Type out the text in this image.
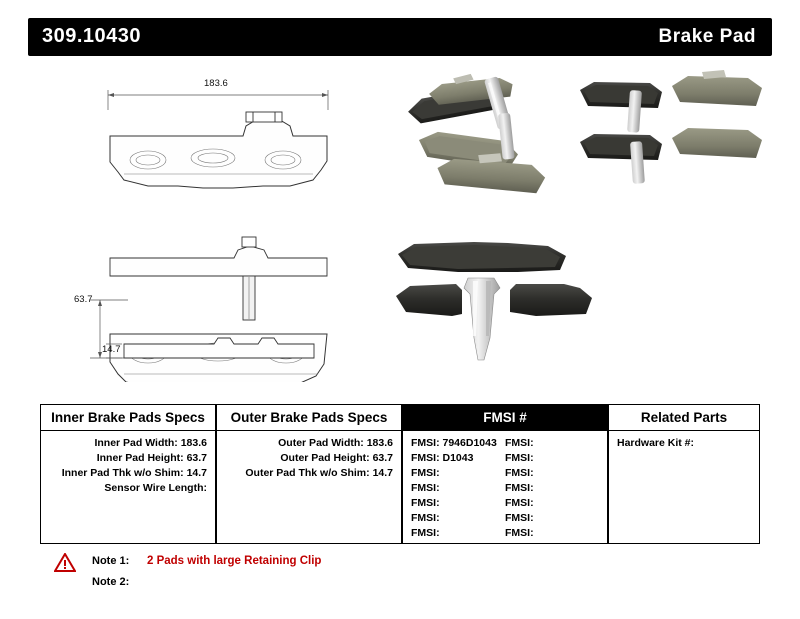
309.10430	Brake Pad
183.6
63.7
14.7
Inner Brake Pads Specs
Inner Pad Width: 183.6
Inner Pad Height: 63.7
Inner Pad Thk w/o Shim: 14.7
Sensor Wire Length:
Outer Brake Pads Specs
Outer Pad Width: 183.6
Outer Pad Height: 63.7
Outer Pad Thk w/o Shim: 14.7
FMSI #
FMSI: 7946D1043 FMSI:
FMSI: D1043	FMSI:
FMSI:	FMSI:
FMSI:	FMSI:
FMSI:	FMSI:
FMSI:	FMSI:
FMSI:	FMSI:
Related Parts
Hardware Kit #:
Note 1: 2 Pads with large Retaining Clip
Note 2:
